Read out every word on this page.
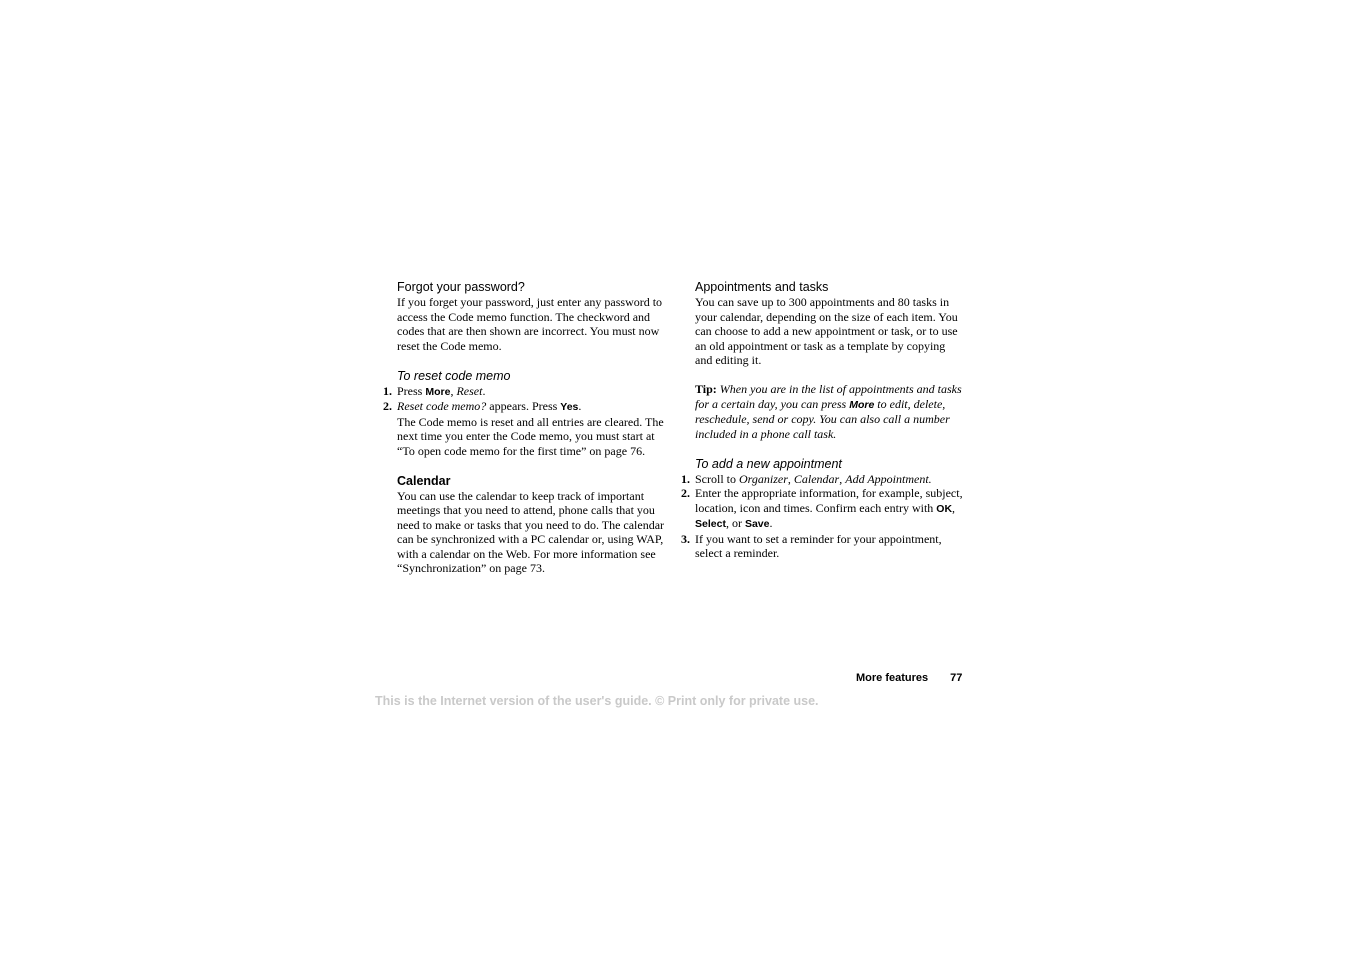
Forgot your password?

If you forget your password, just enter any password to access the Code memo function. The checkword and codes that are then shown are incorrect. You must now reset the Code memo.

To reset code memo

1. Press More, Reset.
2. Reset code memo? appears. Press Yes.

The Code memo is reset and all entries are cleared. The next time you enter the Code memo, you must start at “To open code memo for the first time” on page 76.

Calendar

You can use the calendar to keep track of important meetings that you need to attend, phone calls that you need to make or tasks that you need to do. The calendar can be synchronized with a PC calendar or, using WAP, with a calendar on the Web. For more information see “Synchronization” on page 73.

Appointments and tasks

You can save up to 300 appointments and 80 tasks in your calendar, depending on the size of each item. You can choose to add a new appointment or task, or to use an old appointment or task as a template by copying and editing it.

Tip: When you are in the list of appointments and tasks for a certain day, you can press More to edit, delete, reschedule, send or copy. You can also call a number included in a phone call task.

To add a new appointment

1. Scroll to Organizer, Calendar, Add Appointment.
2. Enter the appropriate information, for example, subject, location, icon and times. Confirm each entry with OK, Select, or Save.
3. If you want to set a reminder for your appointment, select a reminder.
More features 77
This is the Internet version of the user's guide. © Print only for private use.
